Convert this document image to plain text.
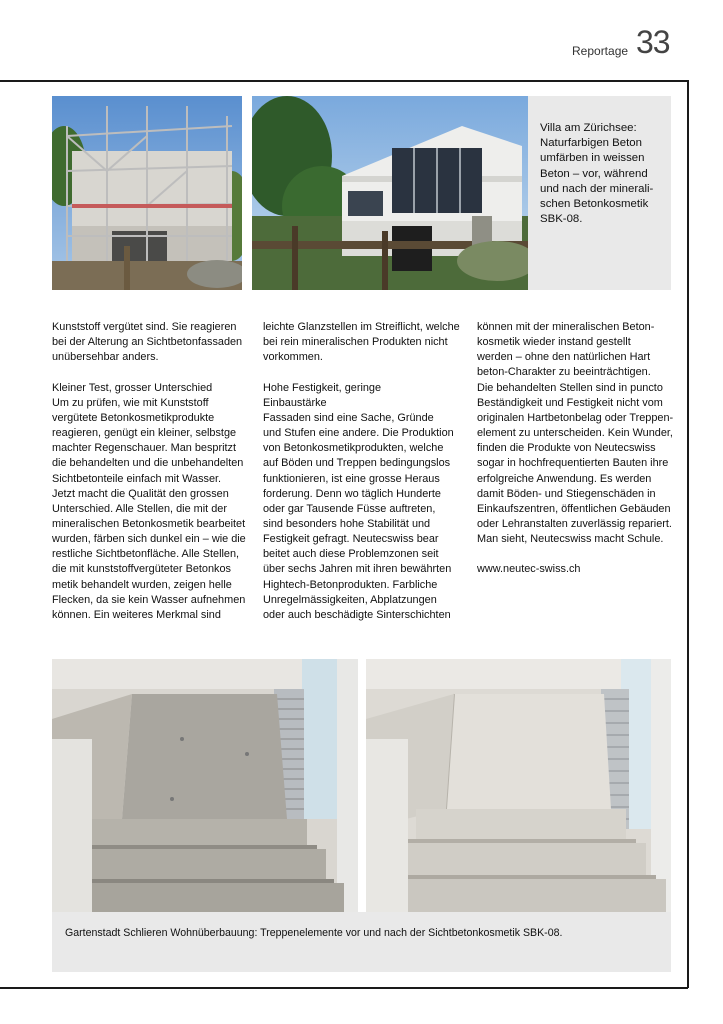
Reportage 33
Villa am Zürichsee:
Naturfarbigen Beton
umfärben in weissen
Beton – vor, während
und nach der minerali-
schen Betonkosmetik
SBK-08.
Kunststoff vergütet sind. Sie reagieren
bei der Alterung an Sichtbetonfassaden
unübersehbar anders.
Kleiner Test, grosser Unterschied
Um zu prüfen, wie mit Kunststoff
vergütete Betonkosmetikprodukte
reagieren, genügt ein kleiner, selbstge
machter Regenschauer. Man bespritzt
die behandelten und die unbehandelten
Sichtbetonteile einfach mit Wasser.
Jetzt macht die Qualität den grossen
Unterschied. Alle Stellen, die mit der
mineralischen Betonkosmetik bearbeitet
wurden, färben sich dunkel ein – wie die
restliche Sichtbetonfläche. Alle Stellen,
die mit kunststoffvergüteter Betonkos
metik behandelt wurden, zeigen helle
Flecken, da sie kein Wasser aufnehmen
können. Ein weiteres Merkmal sind
leichte Glanzstellen im Streiflicht, welche
bei rein mineralischen Produkten nicht
vorkommen.
Hohe Festigkeit, geringe
Einbaustärke
Fassaden sind eine Sache, Gründe
und Stufen eine andere. Die Produktion
von Betonkosmetikprodukten, welche
auf Böden und Treppen bedingungslos
funktionieren, ist eine grosse Heraus
forderung. Denn wo täglich Hunderte
oder gar Tausende Füsse auftreten,
sind besonders hohe Stabilität und
Festigkeit gefragt. Neutecswiss bear
beitet auch diese Problemzonen seit
über sechs Jahren mit ihren bewährten
Hightech-Betonprodukten. Farbliche
Unregelmässigkeiten, Abplatzungen
oder auch beschädigte Sinterschichten
können mit der mineralischen Beton-
kosmetik wieder instand gestellt
werden – ohne den natürlichen Hart
beton-Charakter zu beeinträchtigen.
Die behandelten Stellen sind in puncto
Beständigkeit und Festigkeit nicht vom
originalen Hartbetonbelag oder Treppen-
element zu unterscheiden. Kein Wunder,
finden die Produkte von Neutecswiss
sogar in hochfrequentierten Bauten ihre
erfolgreiche Anwendung. Es werden
damit Böden- und Stiegenschäden in
Einkaufszentren, öffentlichen Gebäuden
oder Lehranstalten zuverlässig repariert.
Man sieht, Neutecswiss macht Schule.
www.neutec-swiss.ch
Gartenstadt Schlieren Wohnüberbauung: Treppenelemente vor und nach der Sichtbetonkosmetik SBK-08.
